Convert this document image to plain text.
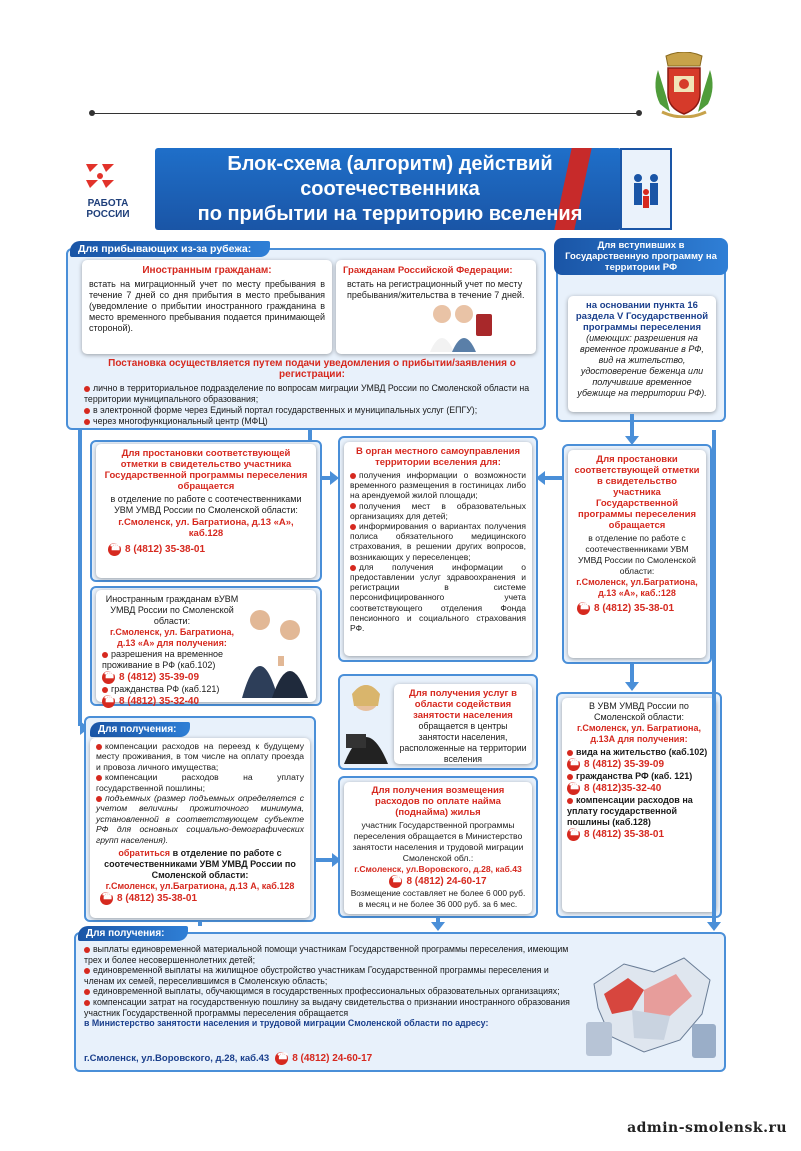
РАБОТА
РОССИИ
Блок-схема (алгоритм) действий
соотечественника
по прибытии на территорию вселения
Для прибывающих из-за рубежа:
Иностранным гражданам:
встать на миграционный учет по месту пребывания в течение 7 дней со дня прибытия в место пребывания (уведомление о прибытии иностранного гражданина в место временного пребывания подается принимающей стороной).
Гражданам Российской Федерации:
встать на регистрационный учет по месту пребывания/жительства в течение 7 дней.
Постановка осуществляется путем подачи уведомления о прибытии/заявления о регистрации:
лично в территориальное подразделение по вопросам миграции УМВД России по Смоленской области на территории муниципального образования;
в электронной форме через Единый портал государственных и муниципальных услуг (ЕПГУ);
через многофункциональный центр (МФЦ)
Для вступивших в Государственную программу на территории РФ
на основании пункта 16 раздела V Государственной программы переселения
(имеющих: разрешения на временное проживание в РФ, вид на жительство, удостоверение беженца или получившие временное убежище на территории РФ).
Для простановки соответствующей отметки в свидетельство участника Государственной программы переселения обращается
в отделение по работе с соотечественниками УВМ УМВД России по Смоленской области:
г.Смоленск, ул. Багратиона, д.13 «А», каб.128
☎
8 (4812) 35-38-01
В орган местного самоуправления территории вселения для:
получения информации о возможности временного размещения в гостиницах либо на арендуемой жилой площади;
получения мест в образовательных организациях для детей;
информирования о вариантах получения полиса обязательного медицинского страхования, в решении других вопросов, возникающих у переселенцев;
для получения информации о предоставлении услуг здравоохранения и регистрации в системе персонифицированного учета соответствующего отделения Фонда пенсионного и социального страхования РФ.
Для простановки соответствующей отметки в свидетельство участника Государственной программы переселения обращается
в отделение по работе с соотечественниками УВМ УМВД России по Смоленской области:
г.Смоленск, ул.Багратиона, д.13 «А», каб.:128
☎
8 (4812) 35-38-01
Иностранным гражданам вУВМ УМВД России по Смоленской области:
г.Смоленск, ул. Багратиона, д.13 «А» для получения:
разрешения на временное проживание в РФ (каб.102)
☎
8 (4812) 35-39-09
гражданства РФ (каб.121)
☎
8 (4812) 35-32-40
Для получения услуг в области содействия занятости населения
обращается в центры занятости населения, расположенные на территории вселения
Для получения:
компенсации расходов на переезд к будущему месту проживания, в том числе на оплату проезда и провоза личного имущества;
компенсации расходов на уплату государственной пошлины;
подъемных (размер подъемных определяется с учетом величины прожиточного минимума, установленной в соответствующем субъекте РФ для основных социально-демографических групп населения).
обратиться в отделение по работе с соотечественниками УВМ УМВД России по Смоленской области:
г.Смоленск, ул.Багратиона, д.13 А, каб.128
☎
8 (4812) 35-38-01
Для получения возмещения расходов по оплате найма (поднайма) жилья
участник Государственной программы переселения обращается в Министерство занятости населения и трудовой миграции Смоленской обл.:
г.Смоленск, ул.Воровского, д.28, каб.43
☎
8 (4812) 24-60-17
Возмещение составляет не более 6 000 руб. в месяц и не более 36 000 руб. за 6 мес.
В УВМ УМВД России по Смоленской области:
г.Смоленск, ул. Багратиона, д.13А для получения:
вида на жительство (каб.102)
☎
8 (4812) 35-39-09
гражданства РФ (каб. 121)
☎
8 (4812)35-32-40
компенсации расходов на уплату государственной пошлины (каб.128)
☎
8 (4812) 35-38-01
Для получения:
выплаты единовременной материальной помощи участникам Государственной программы переселения, имеющим трех и более несовершеннолетних детей;
единовременной выплаты на жилищное обустройство участникам Государственной программы переселения и членам их семей, переселившимся в Смоленскую область;
единовременной выплаты, обучающимся в государственных профессиональных образовательных организациях;
компенсации затрат на государственную пошлину за выдачу свидетельства о признании иностранного образования участник Государственной программы переселения обращается
в Министерство занятости населения и трудовой миграции Смоленской области по адресу:
г.Смоленск, ул.Воровского, д.28, каб.43
☎ 8 (4812) 24-60-17
admin-smolensk.ru
